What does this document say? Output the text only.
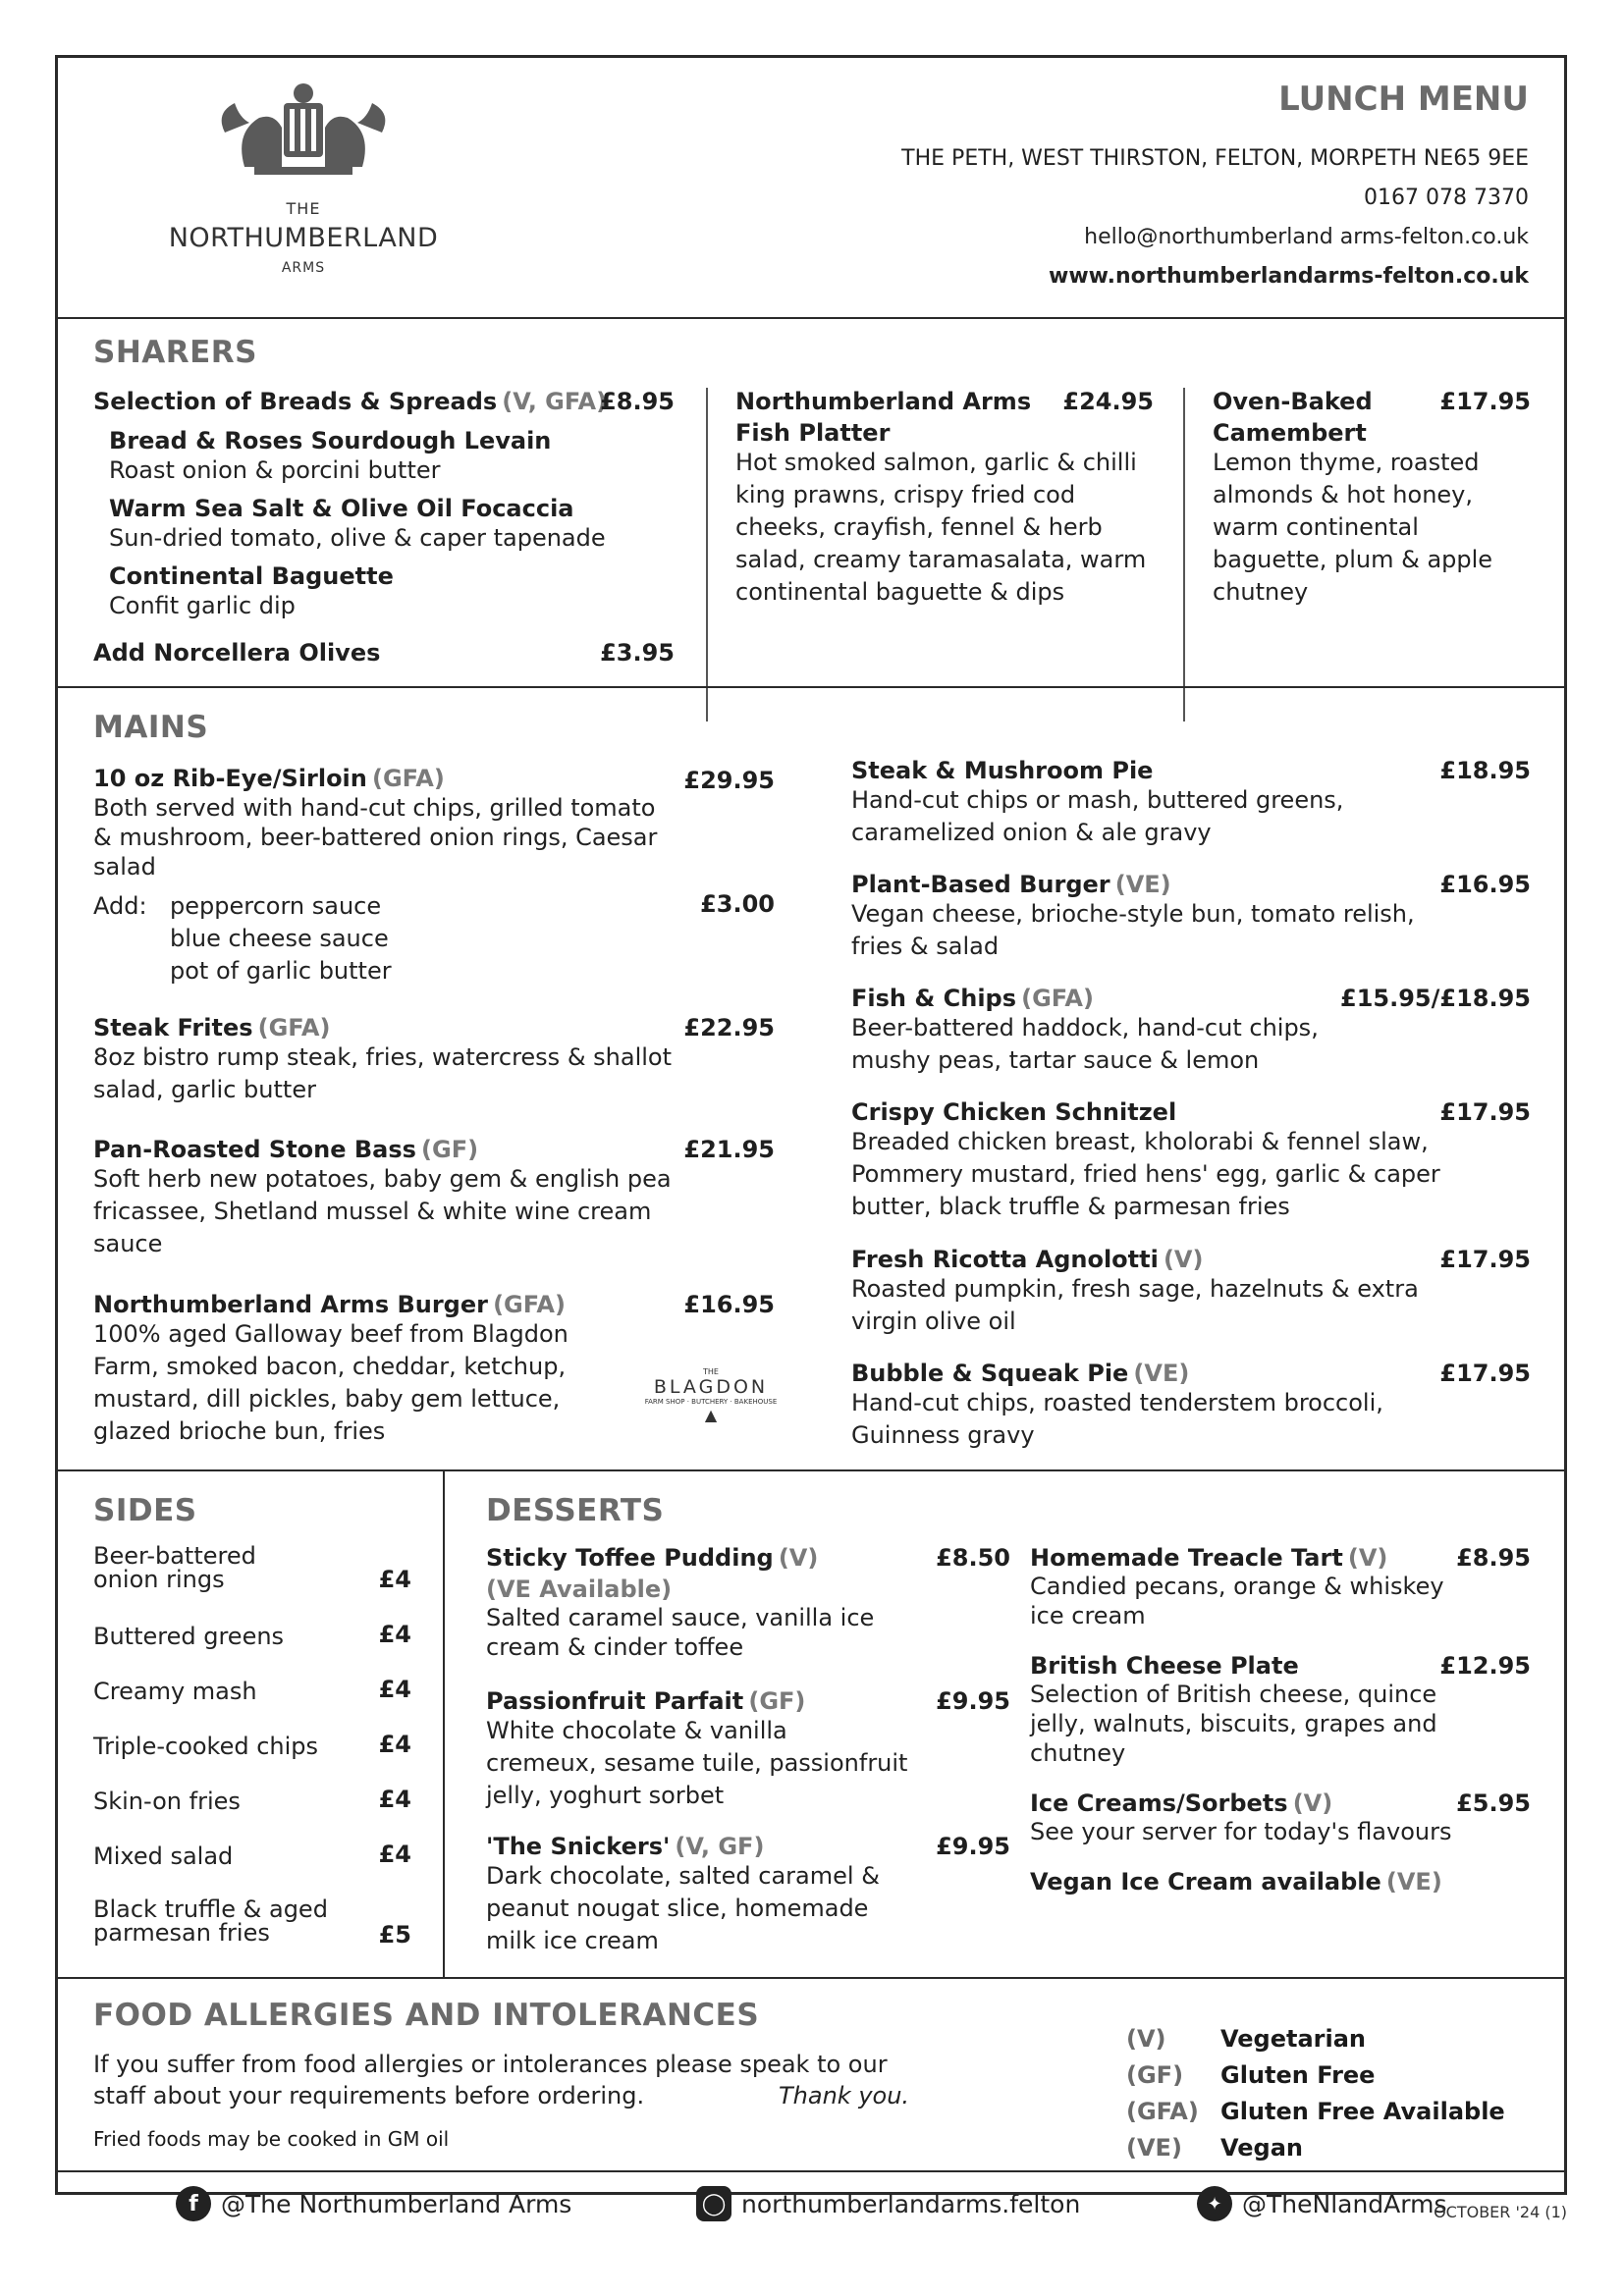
THE
NORTHUMBERLAND
ARMS
LUNCH MENU
THE PETH, WEST THIRSTON, FELTON, MORPETH NE65 9EE
0167 078 7370
hello@northumberland arms-felton.co.uk
www.northumberlandarms-felton.co.uk
SHARERS
Selection of Breads & Spreads (V, GFA)
£8.95
Bread & Roses Sourdough Levain
Roast onion & porcini butter
Warm Sea Salt & Olive Oil Focaccia
Sun-dried tomato, olive & caper tapenade
Continental Baguette
Confit garlic dip
Add Norcellera Olives	£3.95
Northumberland Arms
Fish Platter
Hot smoked salmon, garlic & chilli
king prawns, crispy fried cod
cheeks, crayfish, fennel & herb
salad, creamy taramasalata, warm
continental baguette & dips
£24.95	Oven-Baked
Camembert
Lemon thyme, roasted
almonds & hot honey,
warm continental
baguette, plum & apple
chutney
£17.95
MAINS
10 oz Rib-Eye/Sirloin (GFA)
Both served with hand-cut chips, grilled tomato
& mushroom, beer-battered onion rings, Caesar
salad
£29.95
Add: peppercorn sauce
blue cheese sauce
pot of garlic butter
£3.00
Steak Frites (GFA)
8oz bistro rump steak, fries, watercress & shallot
salad, garlic butter
£22.95
Pan-Roasted Stone Bass (GF)
Soft herb new potatoes, baby gem & english pea
fricassee, Shetland mussel & white wine cream
sauce
£21.95
Northumberland Arms Burger (GFA)
100% aged Galloway beef from Blagdon
Farm, smoked bacon, cheddar, ketchup,
mustard, dill pickles, baby gem lettuce,
glazed brioche bun, fries
£16.95
THE
BLAGDON
FARM SHOP · BUTCHERY · BAKEHOUSE
▲
Steak & Mushroom Pie
Hand-cut chips or mash, buttered greens,
caramelized onion & ale gravy
£18.95
Plant-Based Burger (VE)
Vegan cheese, brioche-style bun, tomato relish,
fries & salad
£16.95
Fish & Chips (GFA)
Beer-battered haddock, hand-cut chips,
mushy peas, tartar sauce & lemon
£15.95/£18.95
Crispy Chicken Schnitzel
Breaded chicken breast, kholorabi & fennel slaw,
Pommery mustard, fried hens' egg, garlic & caper
butter, black truffle & parmesan fries
£17.95
Fresh Ricotta Agnolotti (V)
Roasted pumpkin, fresh sage, hazelnuts & extra
virgin olive oil
£17.95
Bubble & Squeak Pie (VE)
Hand-cut chips, roasted tenderstem broccoli,
Guinness gravy
£17.95
SIDES
Beer-battered
onion rings	£4
Buttered greens	£4
Creamy mash	£4
Triple-cooked chips	£4
Skin-on fries	£4
Mixed salad	£4
Black truffle & aged
parmesan fries	£5
DESSERTS
Sticky Toffee Pudding (V)
(VE Available)
Salted caramel sauce, vanilla ice
cream & cinder toffee
£8.50
Passionfruit Parfait (GF)
White chocolate & vanilla
cremeux, sesame tuile, passionfruit
jelly, yoghurt sorbet
£9.95
'The Snickers' (V, GF)
Dark chocolate, salted caramel &
peanut nougat slice, homemade
milk ice cream
£9.95
Homemade Treacle Tart (V)
Candied pecans, orange & whiskey
ice cream
£8.95
British Cheese Plate
Selection of British cheese, quince
jelly, walnuts, biscuits, grapes and
chutney
£12.95
Ice Creams/Sorbets (V)
See your server for today's flavours
£5.95
Vegan Ice Cream available (VE)
FOOD ALLERGIES AND INTOLERANCES
If you suffer from food allergies or intolerances please speak to our
staff about your requirements before ordering.	Thank you.
Fried foods may be cooked in GM oil
(V) Vegetarian
(GF) Gluten Free
(GFA) Gluten Free Available
(VE) Vegan
f @The Northumberland Arms	◯ northumberlandarms.felton	✦ @TheNlandArms
OCTOBER '24 (1)
